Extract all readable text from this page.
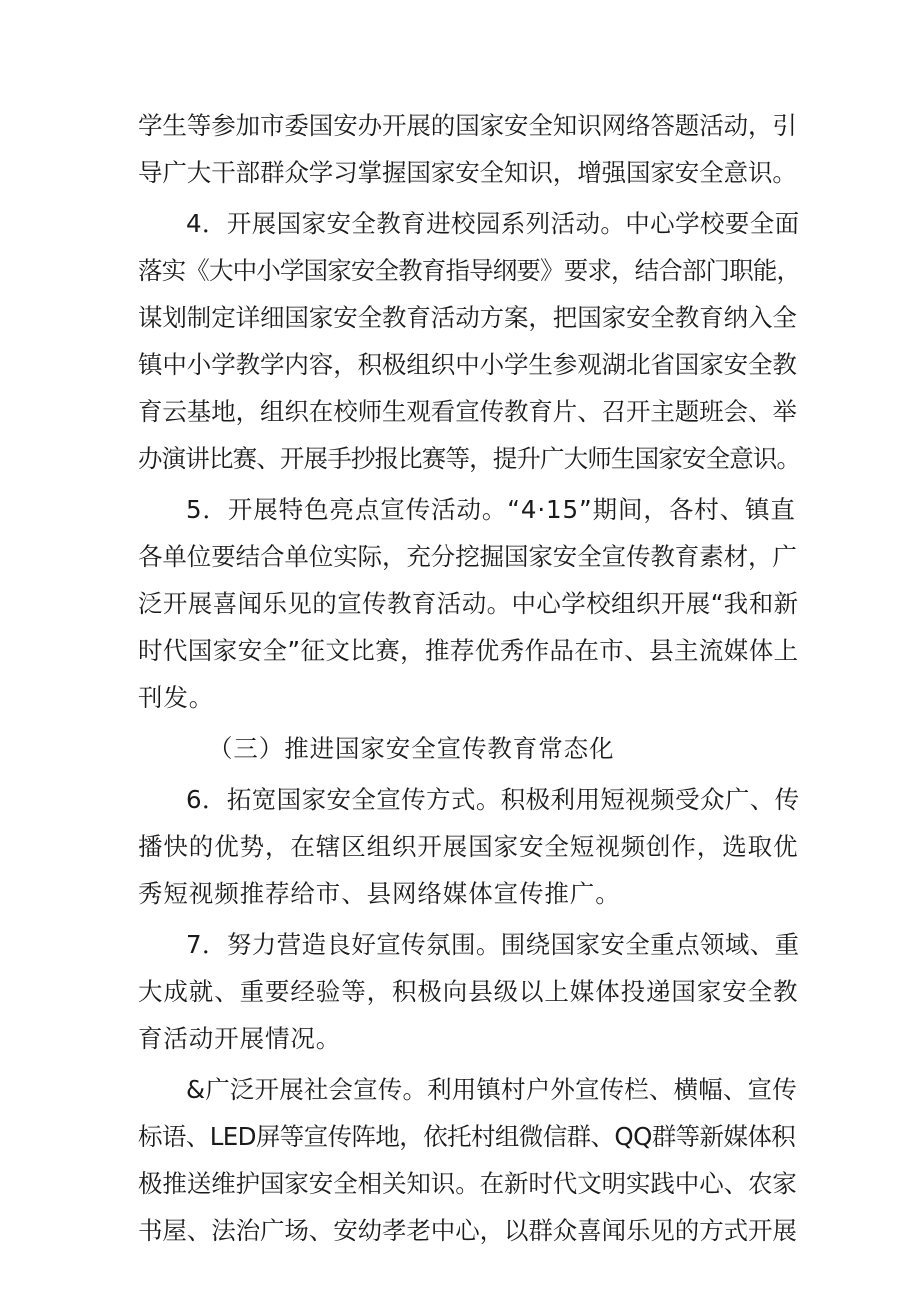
学生等参加市委国安办开展的国家安全知识网络答题活动，引
导广大干部群众学习掌握国家安全知识，增强国家安全意识。

4．开展国家安全教育进校园系列活动。中心学校要全面
落实《大中小学国家安全教育指导纲要》要求，结合部门职能，
谋划制定详细国家安全教育活动方案，把国家安全教育纳入全
镇中小学教学内容，积极组织中小学生参观湖北省国家安全教
育云基地，组织在校师生观看宣传教育片、召开主题班会、举
办演讲比赛、开展手抄报比赛等，提升广大师生国家安全意识。

5．开展特色亮点宣传活动。“4·15”期间，各村、镇直
各单位要结合单位实际，充分挖掘国家安全宣传教育素材，广
泛开展喜闻乐见的宣传教育活动。中心学校组织开展“我和新
时代国家安全”征文比赛，推荐优秀作品在市、县主流媒体上
刊发。

（三）推进国家安全宣传教育常态化

6．拓宽国家安全宣传方式。积极利用短视频受众广、传
播快的优势，在辖区组织开展国家安全短视频创作，选取优
秀短视频推荐给市、县网络媒体宣传推广。

7．努力营造良好宣传氛围。围绕国家安全重点领域、重
大成就、重要经验等，积极向县级以上媒体投递国家安全教
育活动开展情况。

&广泛开展社会宣传。利用镇村户外宣传栏、横幅、宣传
标语、LED屏等宣传阵地，依托村组微信群、QQ群等新媒体积
极推送维护国家安全相关知识。在新时代文明实践中心、农家
书屋、法治广场、安幼孝老中心，以群众喜闻乐见的方式开展
